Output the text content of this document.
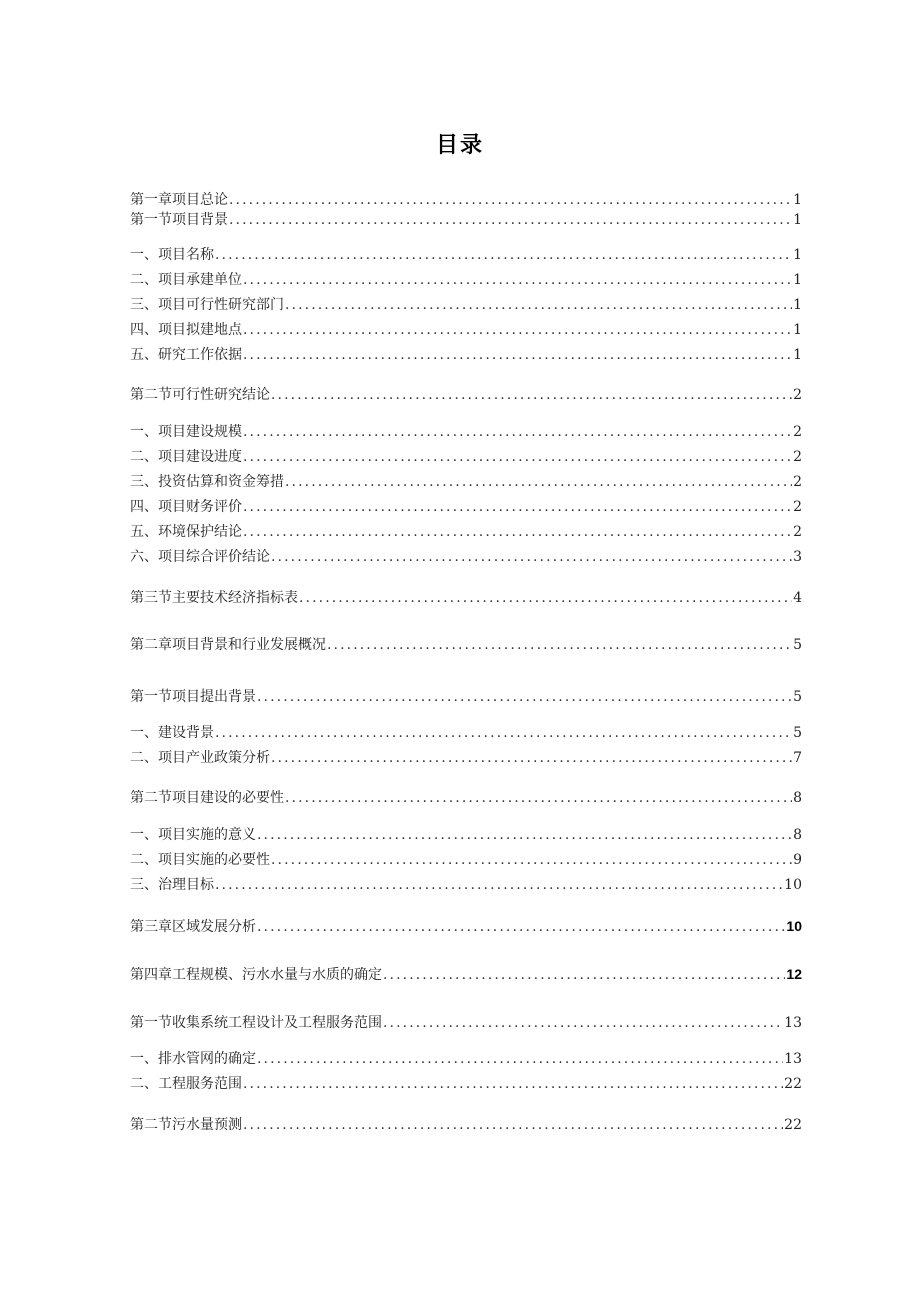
目录
第一章项目总论 .....	1
第一节项目背景 .....	1
一、项目名称 .....	1
二、项目承建单位 .....	1
三、项目可行性研究部门 .....	1
四、项目拟建地点 .....	1
五、研究工作依据 .....	1
第二节可行性研究结论 .....	2
一、项目建设规模 .....	2
二、项目建设进度 .....	2
三、投资估算和资金筹措 .....	2
四、项目财务评价 .....	2
五、环境保护结论 .....	2
六、项目综合评价结论 .....	3
第三节主要技术经济指标表 .....	4
第二章项目背景和行业发展概况 .....	5
第一节项目提出背景 .....	5
一、建设背景 .....	5
二、项目产业政策分析 .....	7
第二节项目建设的必要性 .....	8
一、项目实施的意义 .....	8
二、项目实施的必要性 .....	9
三、治理目标 .....	10
第三章区域发展分析 .....	10
第四章工程规模、污水水量与水质的确定 .....	12
第一节收集系统工程设计及工程服务范围 .....	13
一、排水管网的确定 .....	13
二、工程服务范围 .....	22
第二节污水量预测 .....	22
